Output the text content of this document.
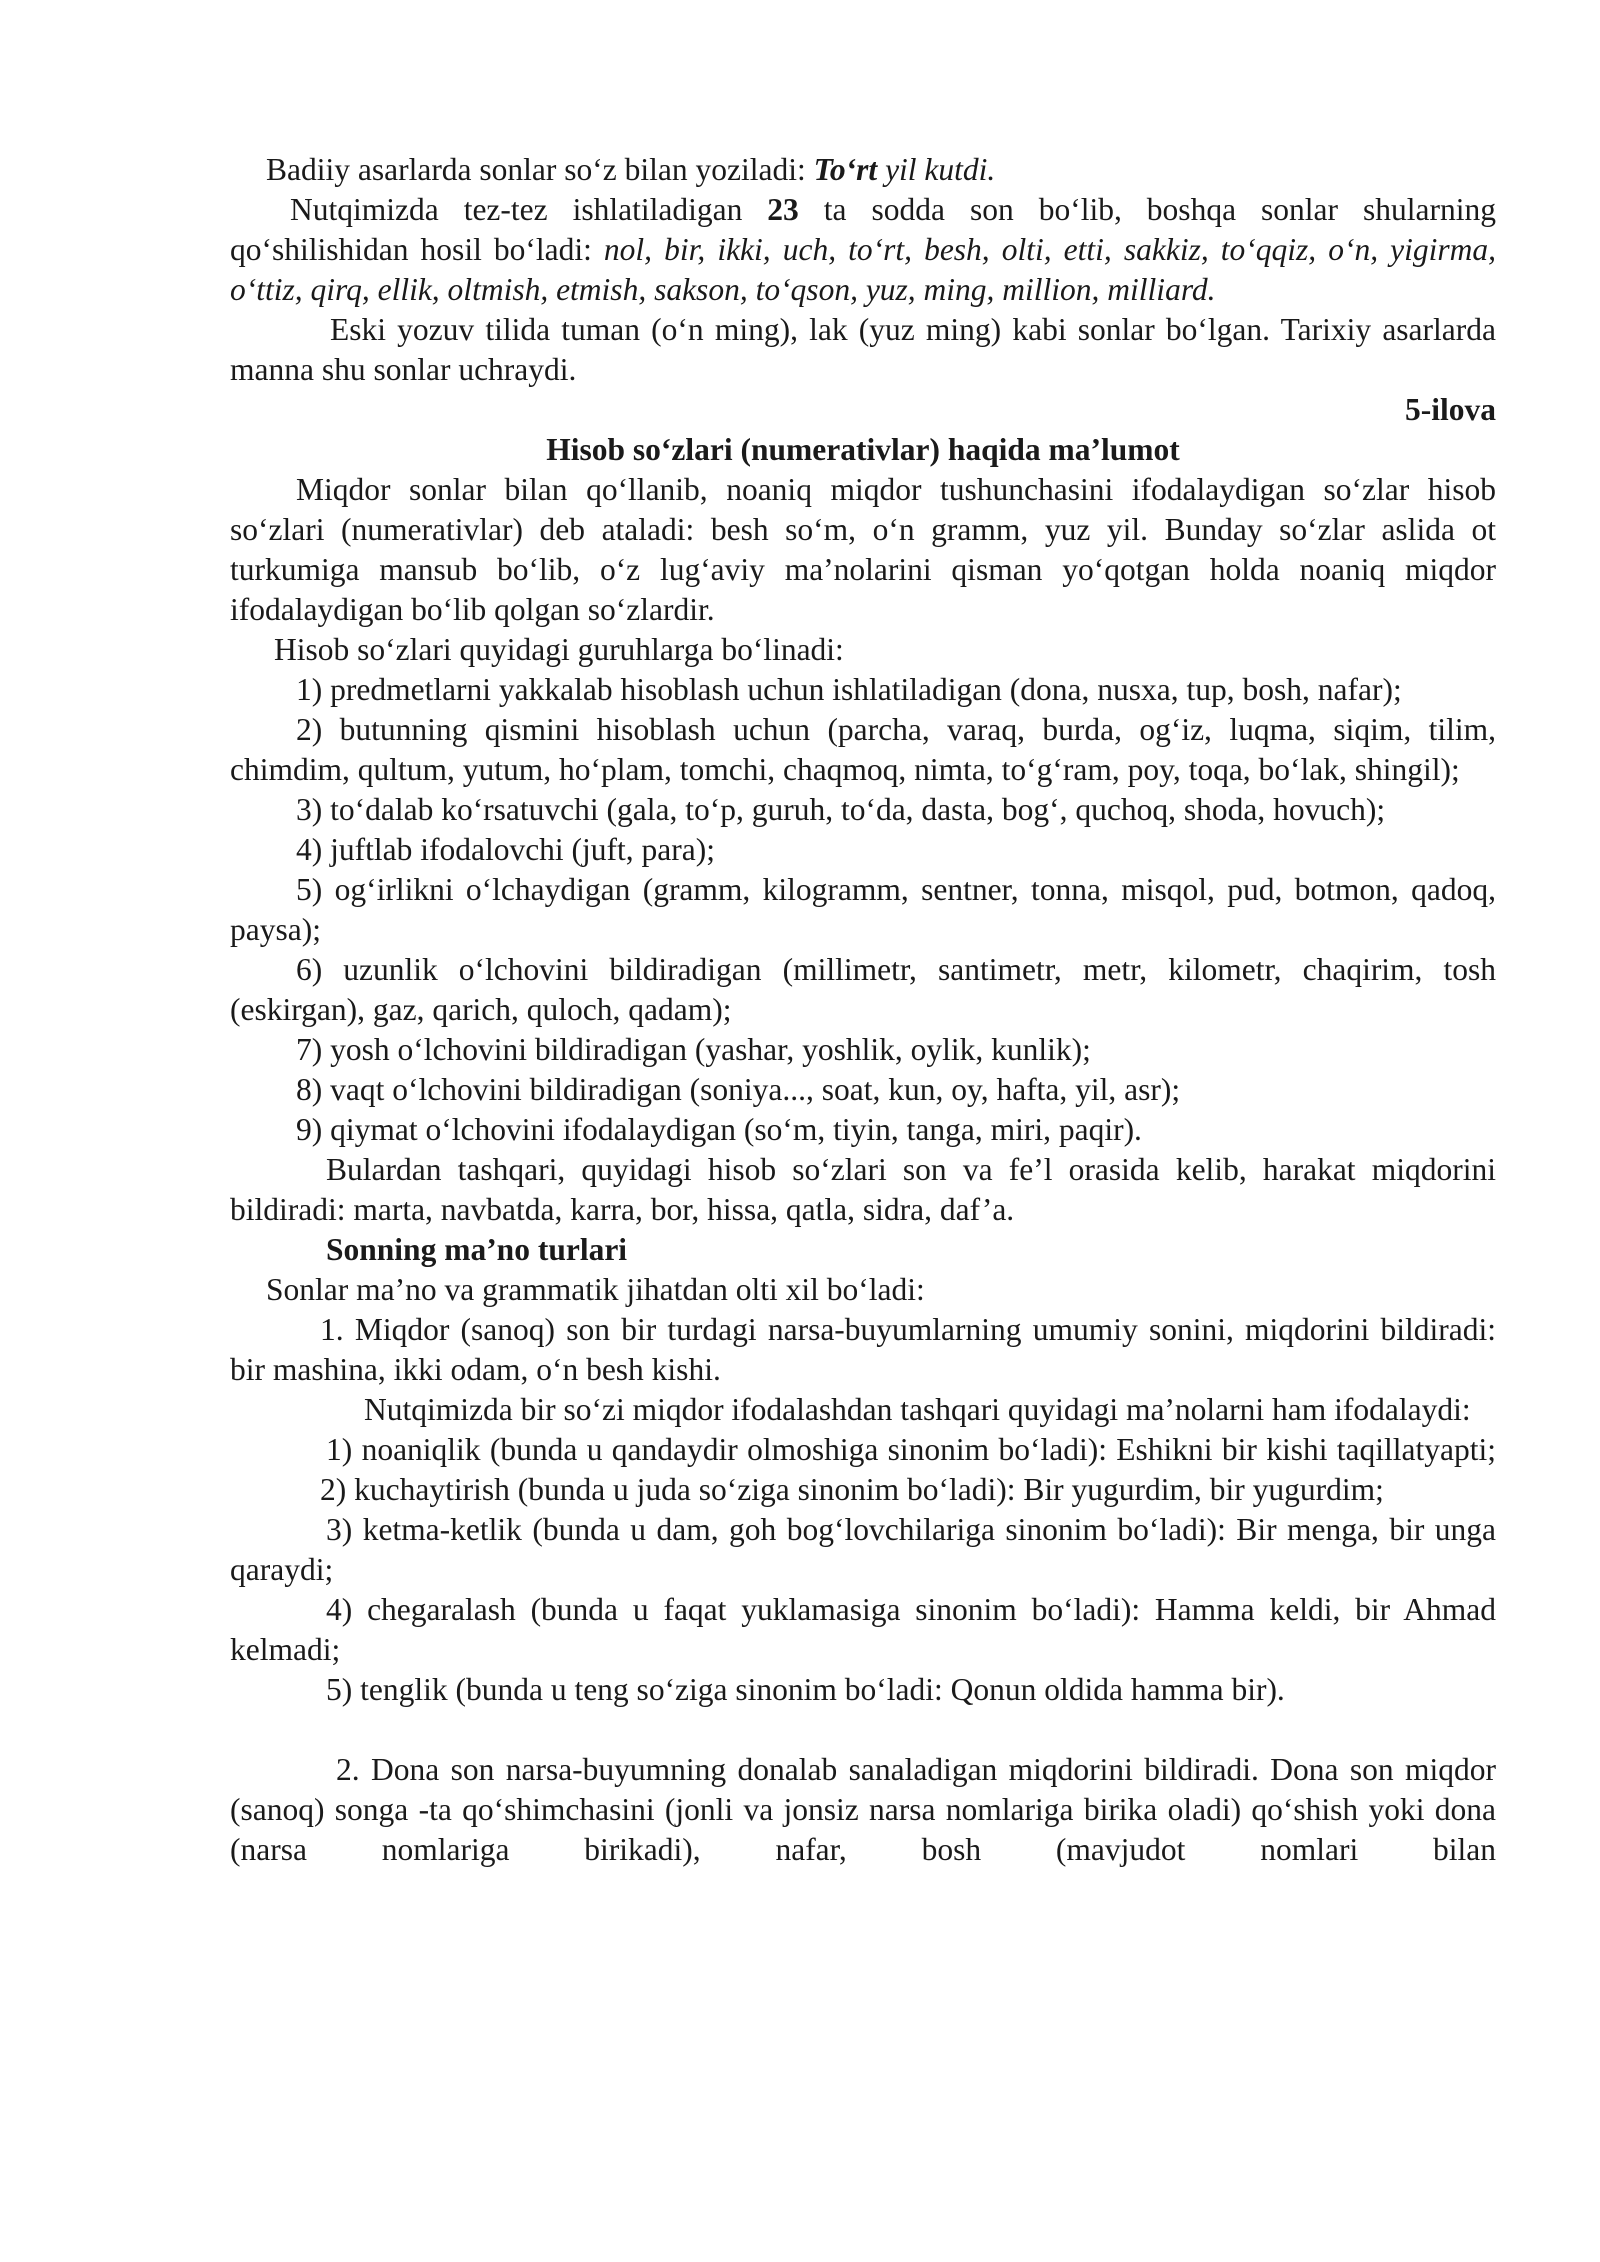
Badiiy asarlarda sonlar so‘z bilan yoziladi: To‘rt yil kutdi.

Nutqimizda tez-tez ishlatiladigan 23 ta sodda son bo‘lib, boshqa sonlar shularning qo‘shilishidan hosil bo‘ladi: nol, bir, ikki, uch, to‘rt, besh, olti, etti, sakkiz, to‘qqiz, o‘n, yigirma, o‘ttiz, qirq, ellik, oltmish, etmish, sakson, to‘qson, yuz, ming, million, milliard.

Eski yozuv tilida tuman (o‘n ming), lak (yuz ming) kabi sonlar bo‘lgan. Tarixiy asarlarda manna shu sonlar uchraydi.

5-ilova

Hisob so‘zlari (numerativlar) haqida ma’lumot

Miqdor sonlar bilan qo‘llanib, noaniq miqdor tushunchasini ifodalaydigan so‘zlar hisob so‘zlari (numerativlar) deb ataladi: besh so‘m, o‘n gramm, yuz yil. Bunday so‘zlar aslida ot turkumiga mansub bo‘lib, o‘z lug‘aviy ma’nolarini qisman yo‘qotgan holda noaniq miqdor ifodalaydigan bo‘lib qolgan so‘zlardir.

Hisob so‘zlari quyidagi guruhlarga bo‘linadi:

1) predmetlarni yakkalab hisoblash uchun ishlatiladigan (dona, nusxa, tup, bosh, nafar);

2) butunning qismini hisoblash uchun (parcha, varaq, burda, og‘iz, luqma, siqim, tilim, chimdim, qultum, yutum, ho‘plam, tomchi, chaqmoq, nimta, to‘g‘ram, poy, toqa, bo‘lak, shingil);

3) to‘dalab ko‘rsatuvchi (gala, to‘p, guruh, to‘da, dasta, bog‘, quchoq, shoda, hovuch);

4) juftlab ifodalovchi (juft, para);

5) og‘irlikni o‘lchaydigan (gramm, kilogramm, sentner, tonna, misqol, pud, botmon, qadoq, paysa);

6) uzunlik o‘lchovini bildiradigan (millimetr, santimetr, metr, kilometr, chaqirim, tosh (eskirgan), gaz, qarich, quloch, qadam);

7) yosh o‘lchovini bildiradigan (yashar, yoshlik, oylik, kunlik);

8) vaqt o‘lchovini bildiradigan (soniya..., soat, kun, oy, hafta, yil, asr);

9) qiymat o‘lchovini ifodalaydigan (so‘m, tiyin, tanga, miri, paqir).

Bulardan tashqari, quyidagi hisob so‘zlari son va fe’l orasida kelib, harakat miqdorini bildiradi: marta, navbatda, karra, bor, hissa, qatla, sidra, daf’a.

Sonning ma’no turlari

Sonlar ma’no va grammatik jihatdan olti xil bo‘ladi:

1. Miqdor (sanoq) son bir turdagi narsa-buyumlarning umumiy sonini, miqdorini bildiradi: bir mashina, ikki odam, o‘n besh kishi.

Nutqimizda bir so‘zi miqdor ifodalashdan tashqari quyidagi ma’nolarni ham ifodalaydi:

1) noaniqlik (bunda u qandaydir olmoshiga sinonim bo‘ladi): Eshikni bir kishi taqillatyapti;2) kuchaytirish (bunda u juda so‘ziga sinonim bo‘ladi): Bir yugurdim, bir yugurdim;

3) ketma-ketlik (bunda u dam, goh bog‘lovchilariga sinonim bo‘ladi): Bir menga, bir unga qaraydi;

4) chegaralash (bunda u faqat yuklamasiga sinonim bo‘ladi): Hamma keldi, bir Ahmad kelmadi;

5) tenglik (bunda u teng so‘ziga sinonim bo‘ladi: Qonun oldida hamma bir).

2. Dona son narsa-buyumning donalab sanaladigan miqdorini bildiradi. Dona son miqdor (sanoq) songa -ta qo‘shimchasini (jonli va jonsiz narsa nomlariga birika oladi) qo‘shish yoki dona (narsa nomlariga birikadi), nafar, bosh (mavjudot nomlari bilan
